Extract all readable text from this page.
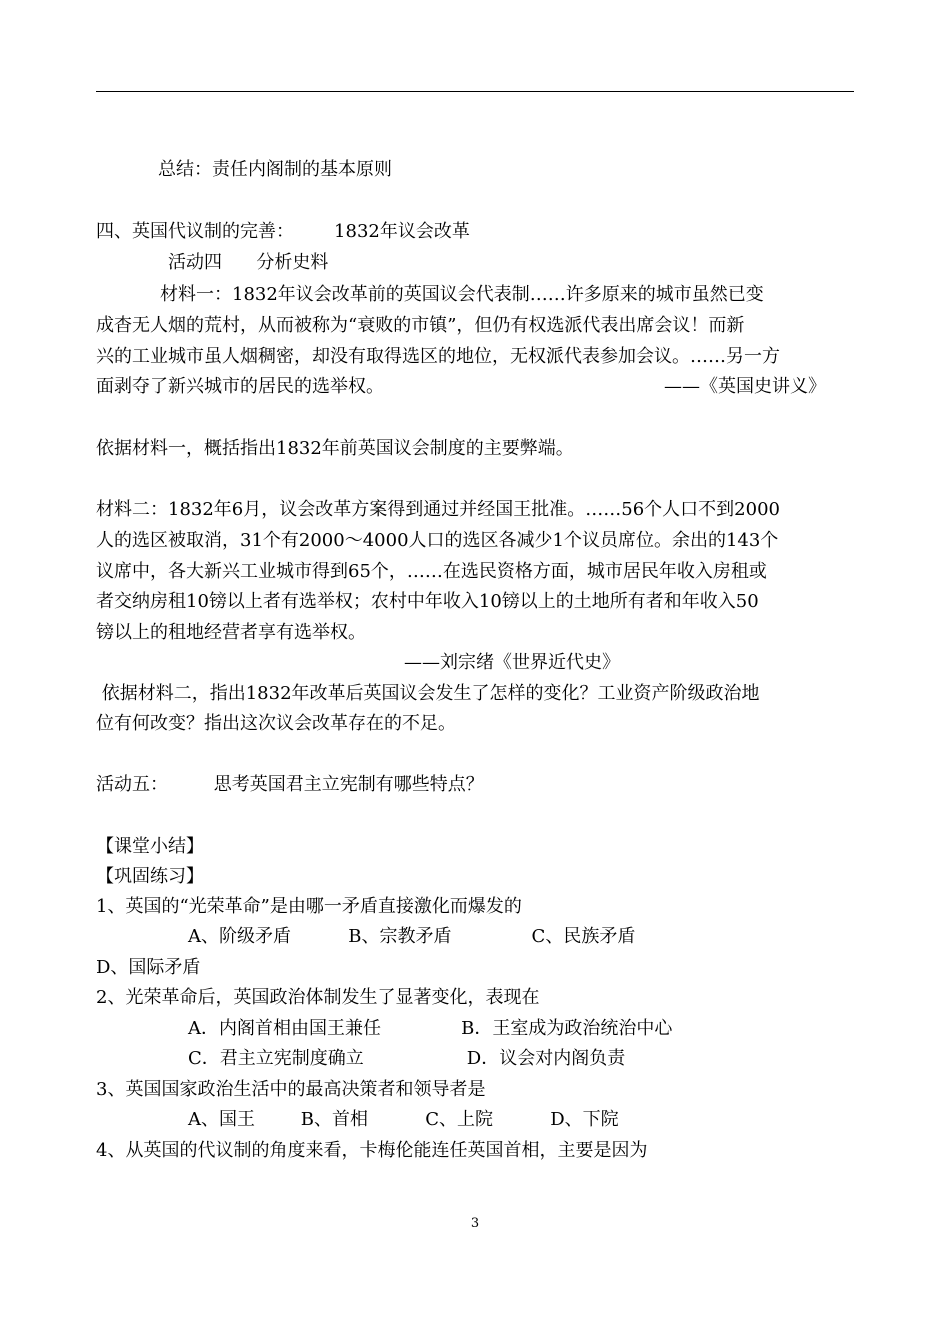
总结：责任内阁制的基本原则
四、英国代议制的完善：       1832年议会改革
活动四      分析史料
材料一：1832年议会改革前的英国议会代表制……许多原来的城市虽然已变
成杳无人烟的荒村，从而被称为“衰败的市镇”，但仍有权选派代表出席会议！而新
兴的工业城市虽人烟稠密，却没有取得选区的地位，无权派代表参加会议。……另一方
面剥夺了新兴城市的居民的选举权。	——《英国史讲义》
依据材料一，概括指出1832年前英国议会制度的主要弊端。
材料二：1832年6月，议会改革方案得到通过并经国王批准。……56个人口不到2000
人的选区被取消，31个有2000～4000人口的选区各减少1个议员席位。余出的143个
议席中，各大新兴工业城市得到65个，……在选民资格方面，城市居民年收入房租或
者交纳房租10镑以上者有选举权；农村中年收入10镑以上的土地所有者和年收入50
镑以上的租地经营者享有选举权。
——刘宗绪《世界近代史》
依据材料二，指出1832年改革后英国议会发生了怎样的变化？工业资产阶级政治地
位有何改变？指出这次议会改革存在的不足。
活动五：        思考英国君主立宪制有哪些特点？
【课堂小结】
【巩固练习】
1、英国的“光荣革命”是由哪一矛盾直接激化而爆发的
A、阶级矛盾          B、宗教矛盾              C、民族矛盾
D、国际矛盾
2、光荣革命后，英国政治体制发生了显著变化，表现在
A．内阁首相由国王兼任              B．王室成为政治统治中心
C．君主立宪制度确立                  D．议会对内阁负责
3、英国国家政治生活中的最高决策者和领导者是
A、国王        B、首相          C、上院          D、下院
4、从英国的代议制的角度来看，卡梅伦能连任英国首相，主要是因为
3
